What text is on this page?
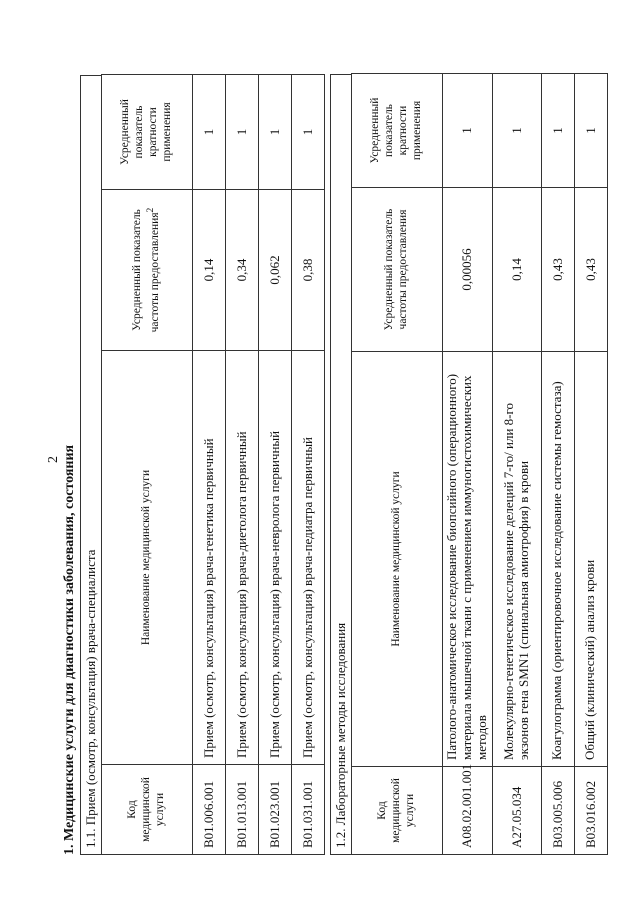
2 1. Медицинские услуги для диагностики заболевания, состояния 1.1. Прием (осмотр, консультация) врача-специалиста Код медицинской услуги	Наименование медицинской услуги	Усредненный показатель частоты предоставления$^2$	Усредненный показатель кратности применения
B01.006.001	Прием (осмотр, консультация) врача-генетика первичный	0,14	1
B01.013.001	Прием (осмотр, консультация) врача-диетолога первичный	0,34	1
B01.023.001	Прием (осмотр, консультация) врача-невролога первичный	0,062	1
B01.031.001	Прием (осмотр, консультация) врача-педиатра первичный	0,38	1
1.2. Лабораторные методы исследования Код медицинской услуги	Наименование медицинской услуги	Усредненный показатель частоты предоставления	Усредненный показатель кратности применения
A08.02.001.001	Патолого-анатомическое исследование биопсийного (операционного) материала мышечной ткани с применением иммуногистохимических методов	0,00056	1
A27.05.034	Молекулярно-генетическое исследование делеций 7-го/ или 8-го экзонов гена SMN1 (спинальная амиотрофия) в крови	0,14	1
B03.005.006	Коагулограмма (ориентировочное исследование системы гемостаза)	0,43	1
B03.016.002	Общий (клинический) анализ крови	0,43	1
